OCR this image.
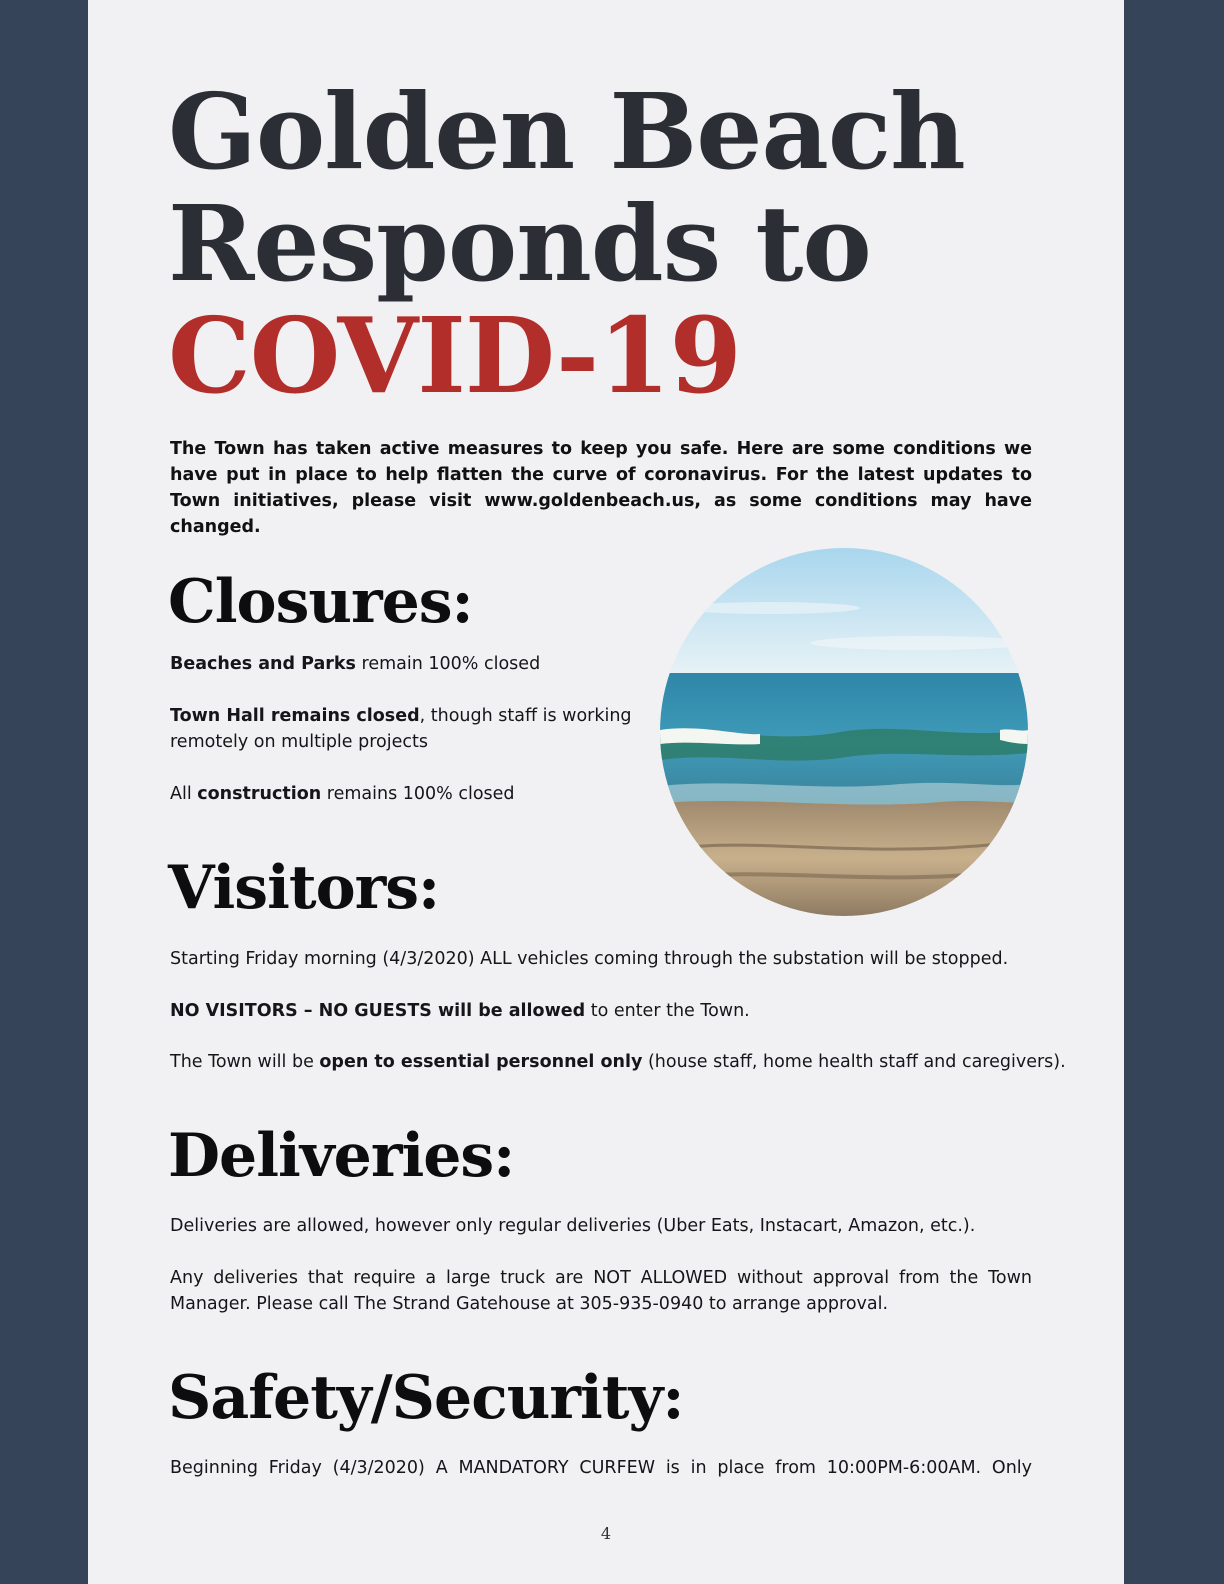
Golden Beach
Responds to
COVID-19

The Town has taken active measures to keep you safe. Here are some conditions we have put in place to help flatten the curve of coronavirus. For the latest updates to Town initiatives, please visit www.goldenbeach.us, as some conditions may have changed.

Closures:

Beaches and Parks remain 100% closed

Town Hall remains closed, though staff is working remotely on multiple projects

All construction remains 100% closed

Visitors:

Starting Friday morning (4/3/2020) ALL vehicles coming through the substation will be stopped.

NO VISITORS – NO GUESTS will be allowed to enter the Town.

The Town will be open to essential personnel only (house staff, home health staff and caregivers).

Deliveries:

Deliveries are allowed, however only regular deliveries (Uber Eats, Instacart, Amazon, etc.).

Any deliveries that require a large truck are NOT ALLOWED without approval from the Town Manager. Please call The Strand Gatehouse at 305-935-0940 to arrange approval.

Safety/Security:

Beginning Friday (4/3/2020) A MANDATORY CURFEW is in place from 10:00PM-6:00AM. Only

4
